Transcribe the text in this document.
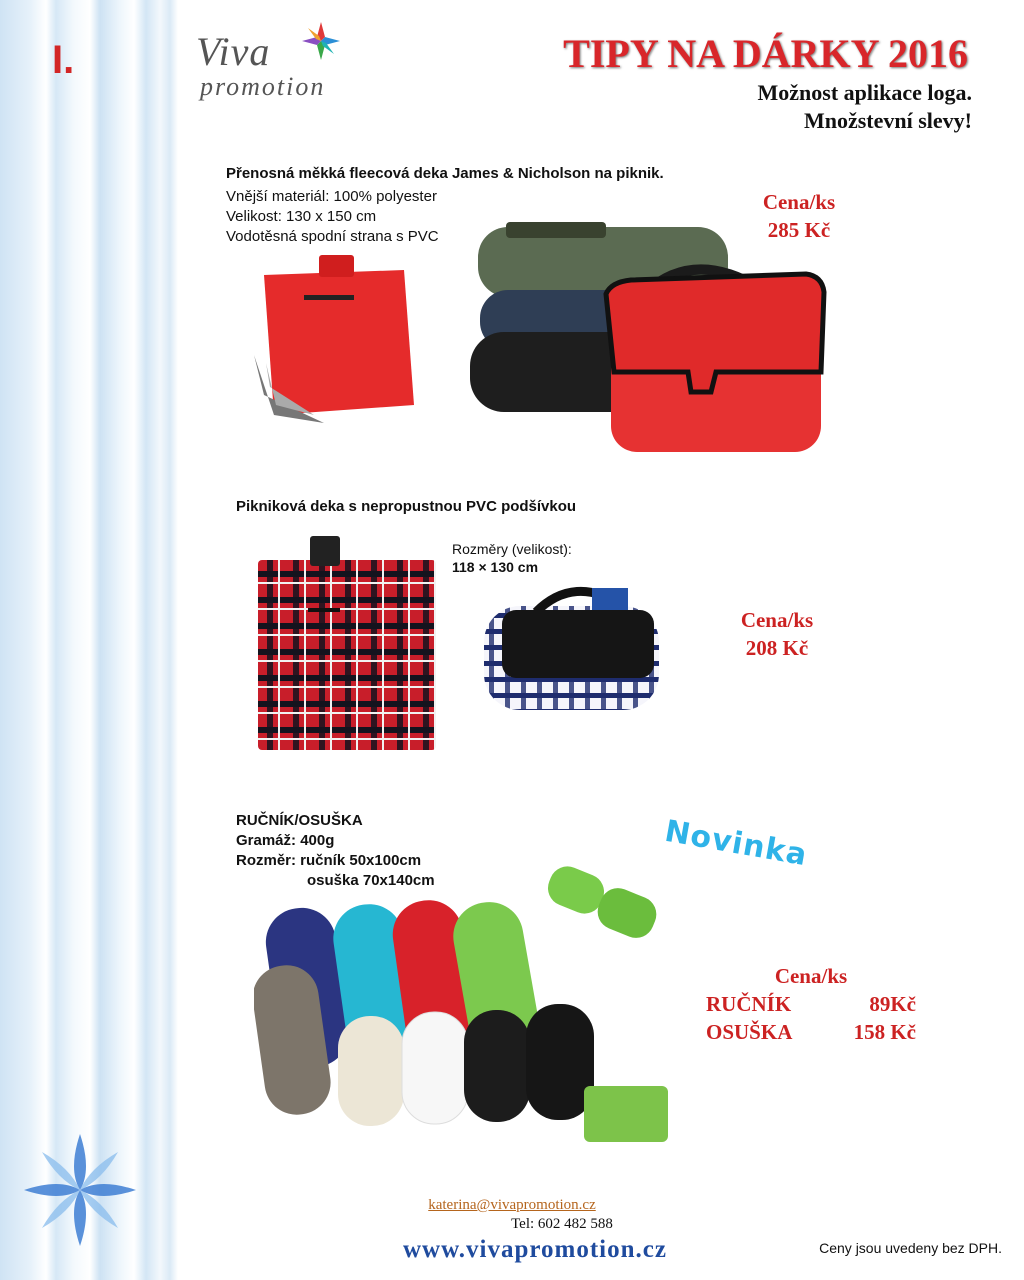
I.	Viva
promotion
TIPY NA DÁRKY 2016
Možnost aplikace loga.
Množstevní slevy!
Přenosná měkká fleecová deka James & Nicholson na piknik.
Vnější materiál: 100% polyester
Velikost: 130 x 150 cm
Vodotěsná spodní strana s PVC
Cena/ks
285 Kč
Pikniková deka s nepropustnou PVC podšívkou
Rozměry (velikost):
118 × 130 cm
Cena/ks
208 Kč
RUČNÍK/OSUŠKA
Gramáž: 400g
Rozměr: ručník 50x100cm
osuška 70x140cm
Novinka
Cena/ks
RUČNÍK	89Kč
OSUŠKA	158 Kč
katerina@vivapromotion.cz
Tel: 602 482 588
www.vivapromotion.cz	Ceny jsou uvedeny bez DPH.
